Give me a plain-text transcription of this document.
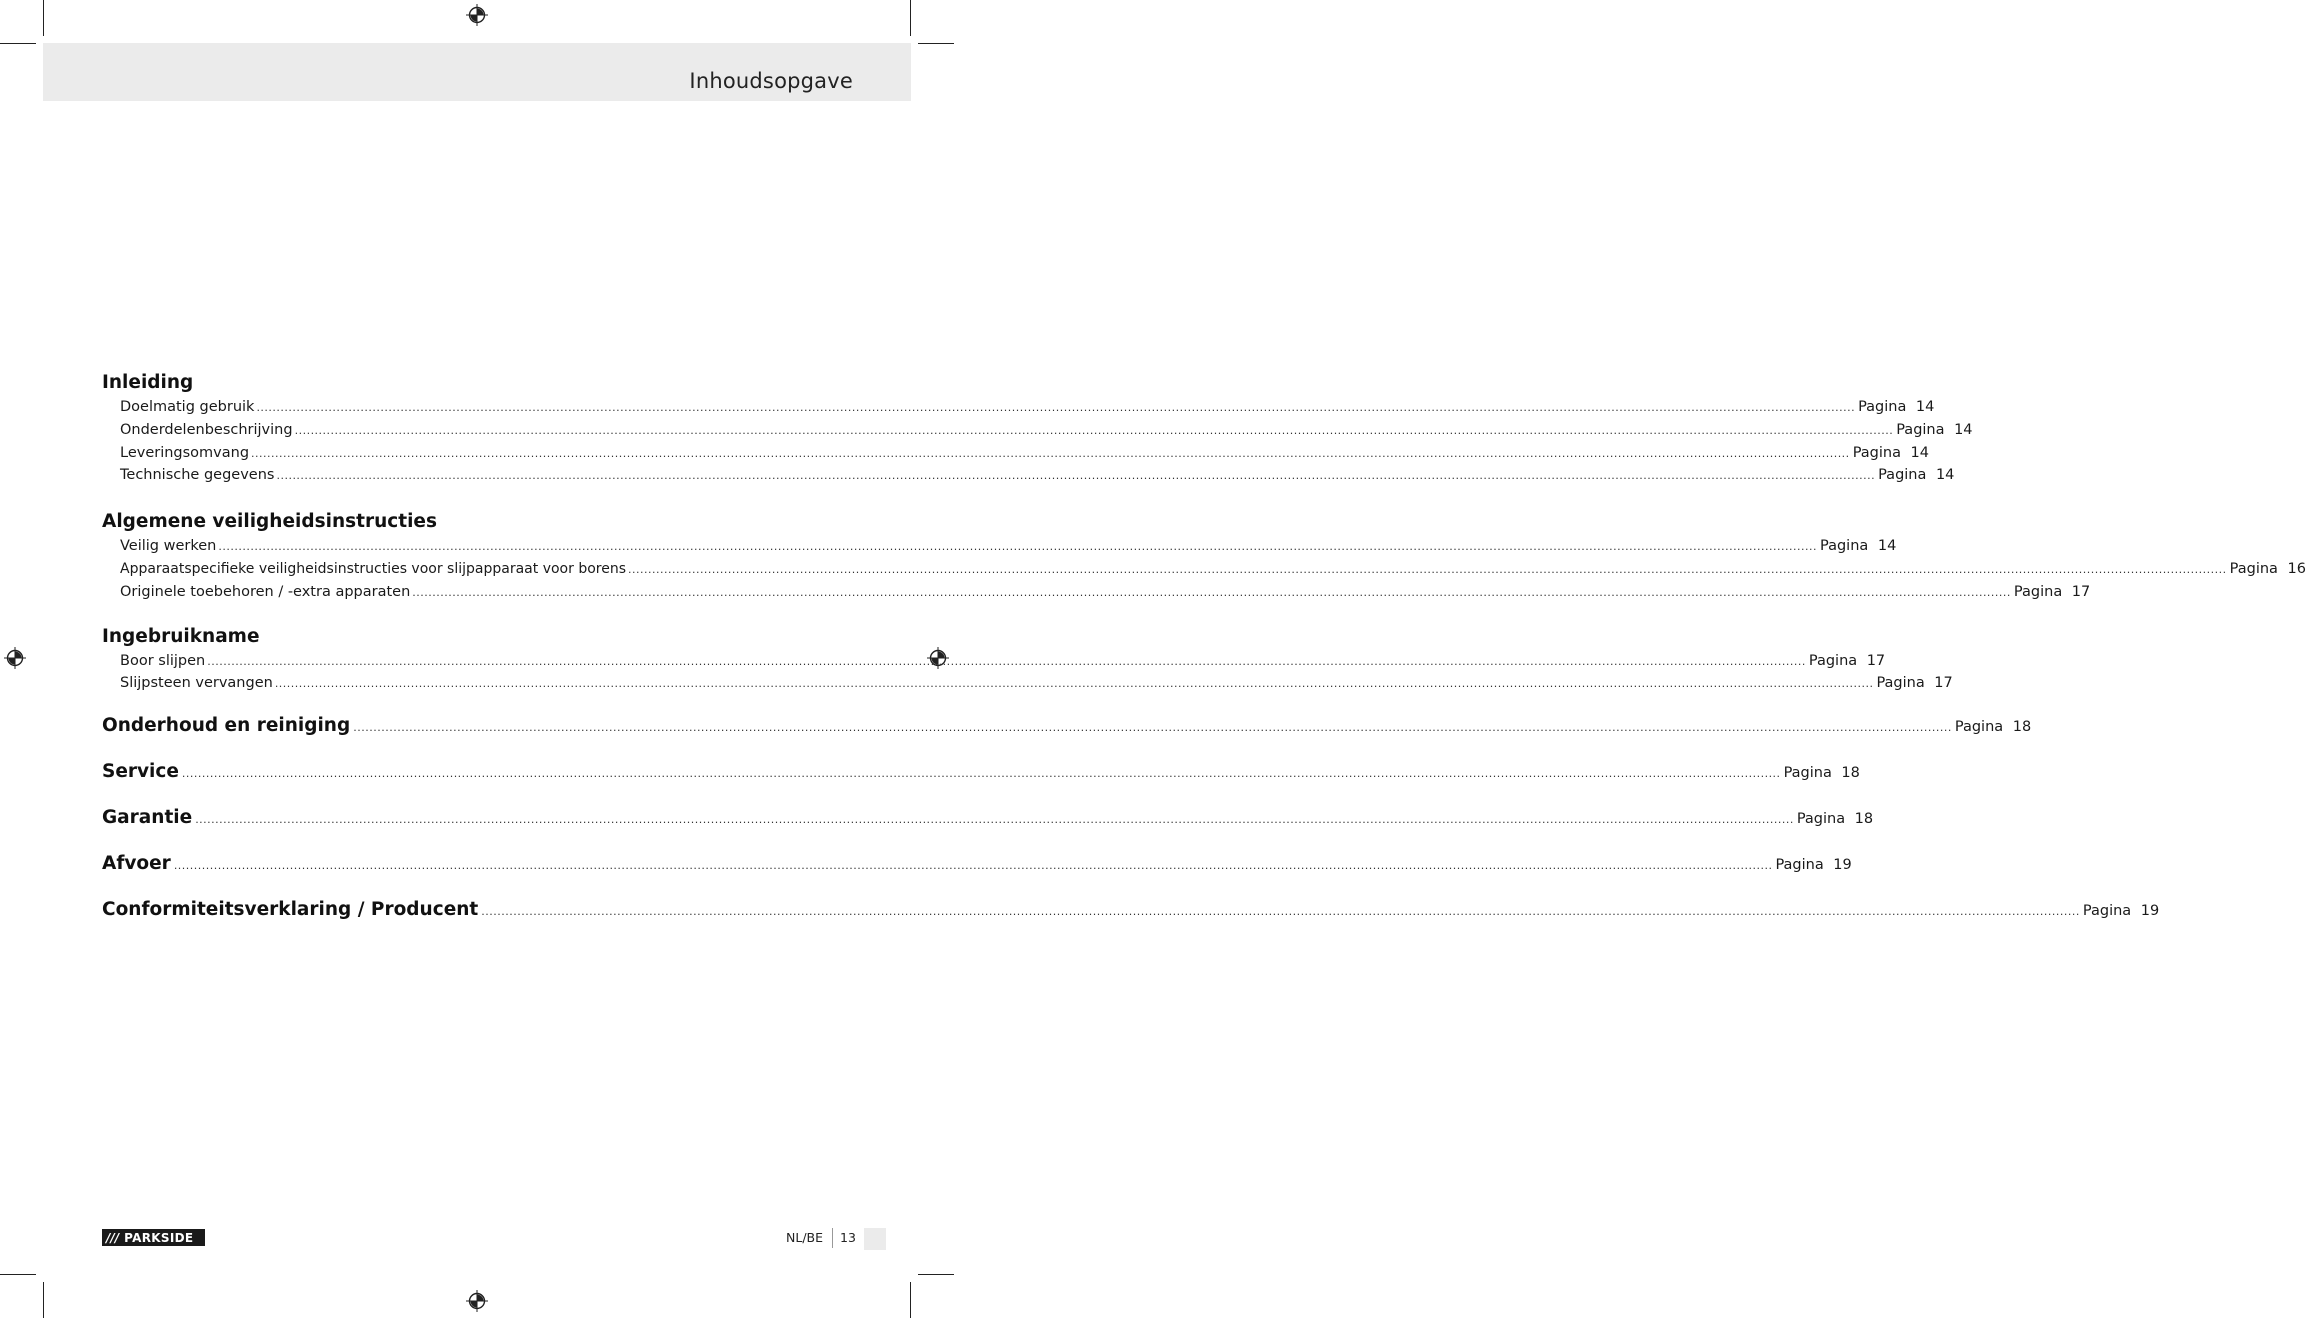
Inhoudsopgave
Inleiding
Doelmatig gebruik ................................................................................................................................................................................................................................................................................................................................................................................................................ Pagina 14
Onderdelenbeschrijving ................................................................................................................................................................................................................................................................................................................................................................................................................ Pagina 14
Leveringsomvang ................................................................................................................................................................................................................................................................................................................................................................................................................ Pagina 14
Technische gegevens ................................................................................................................................................................................................................................................................................................................................................................................................................ Pagina 14
Algemene veiligheidsinstructies
Veilig werken ................................................................................................................................................................................................................................................................................................................................................................................................................ Pagina 14
Apparaatspecifieke veiligheidsinstructies voor slijpapparaat voor borens ................................................................................................................................................................................................................................................................................................................................................................................................................ Pagina 16
Originele toebehoren / -extra apparaten ................................................................................................................................................................................................................................................................................................................................................................................................................ Pagina 17
Ingebruikname
Boor slijpen ................................................................................................................................................................................................................................................................................................................................................................................................................ Pagina 17
Slijpsteen vervangen ................................................................................................................................................................................................................................................................................................................................................................................................................ Pagina 17
Onderhoud en reiniging ................................................................................................................................................................................................................................................................................................................................................................................................................ Pagina 18
Service ................................................................................................................................................................................................................................................................................................................................................................................................................ Pagina 18
Garantie ................................................................................................................................................................................................................................................................................................................................................................................................................ Pagina 18
Afvoer ................................................................................................................................................................................................................................................................................................................................................................................................................ Pagina 19
Conformiteitsverklaring / Producent ................................................................................................................................................................................................................................................................................................................................................................................................................ Pagina 19
/// PARKSIDE	NL/BE 13
